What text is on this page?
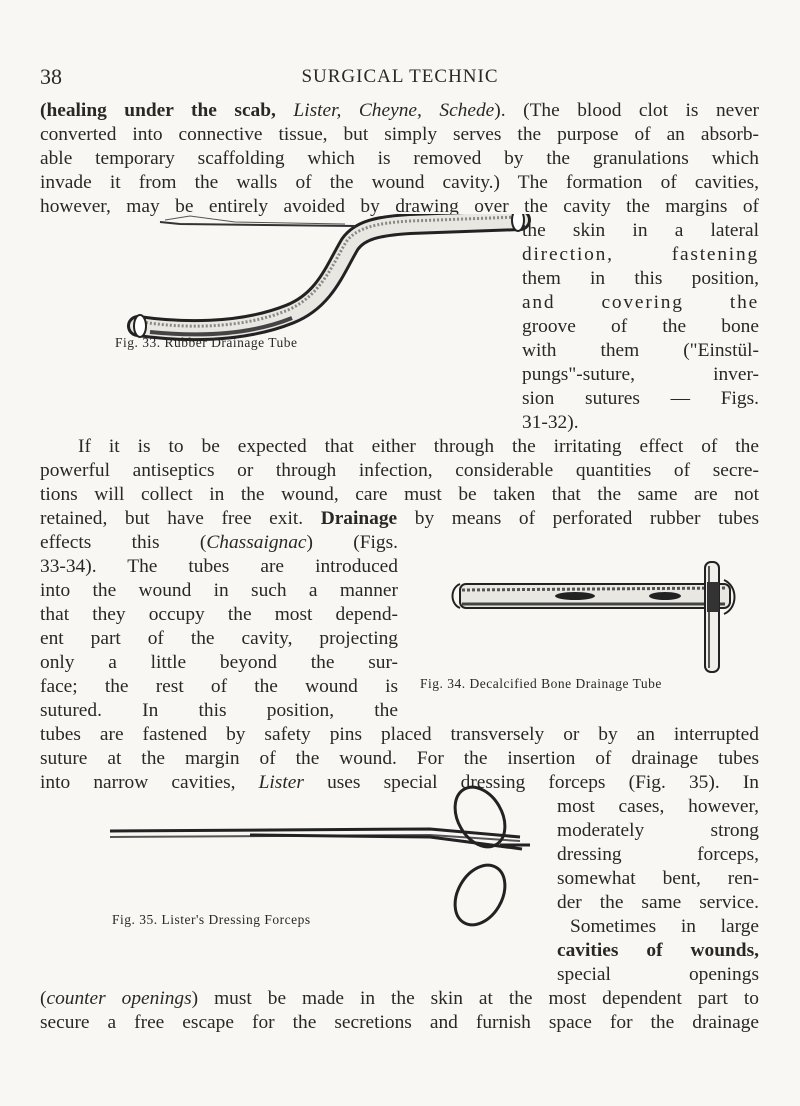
38	SURGICAL TECHNIC
(healing under the scab, Lister, Cheyne, Schede). (The blood clot is never
converted into connective tissue, but simply serves the purpose of an absorb-
able temporary scaffolding which is removed by the granulations which
invade it from the walls of the wound cavity.) The formation of cavities,
however, may be entirely avoided by drawing over the cavity the margins of
Fig. 33. Rubber Drainage Tube
the skin in a lateral
direction, fastening
them in this position,
and covering the
groove of the bone
with them ("Einstül-
pungs"-suture, inver-
sion sutures — Figs.
31-32).
If it is to be expected that either through the irritating effect of the
powerful antiseptics or through infection, considerable quantities of secre-
tions will collect in the wound, care must be taken that the same are not
retained, but have free exit. Drainage by means of perforated rubber tubes
effects this (Chassaignac) (Figs.
33-34). The tubes are introduced
into the wound in such a manner
that they occupy the most depend-
ent part of the cavity, projecting
only a little beyond the sur-
face; the rest of the wound is
sutured. In this position, the
Fig. 34. Decalcified Bone Drainage Tube
tubes are fastened by safety pins placed transversely or by an interrupted
suture at the margin of the wound. For the insertion of drainage tubes
into narrow cavities, Lister uses special dressing forceps (Fig. 35). In
Fig. 35. Lister's Dressing Forceps
most cases, however,
moderately strong
dressing forceps,
somewhat bent, ren-
der the same service.
Sometimes in large
cavities of wounds,
special openings
(counter openings) must be made in the skin at the most dependent part to
secure a free escape for the secretions and furnish space for the drainage
